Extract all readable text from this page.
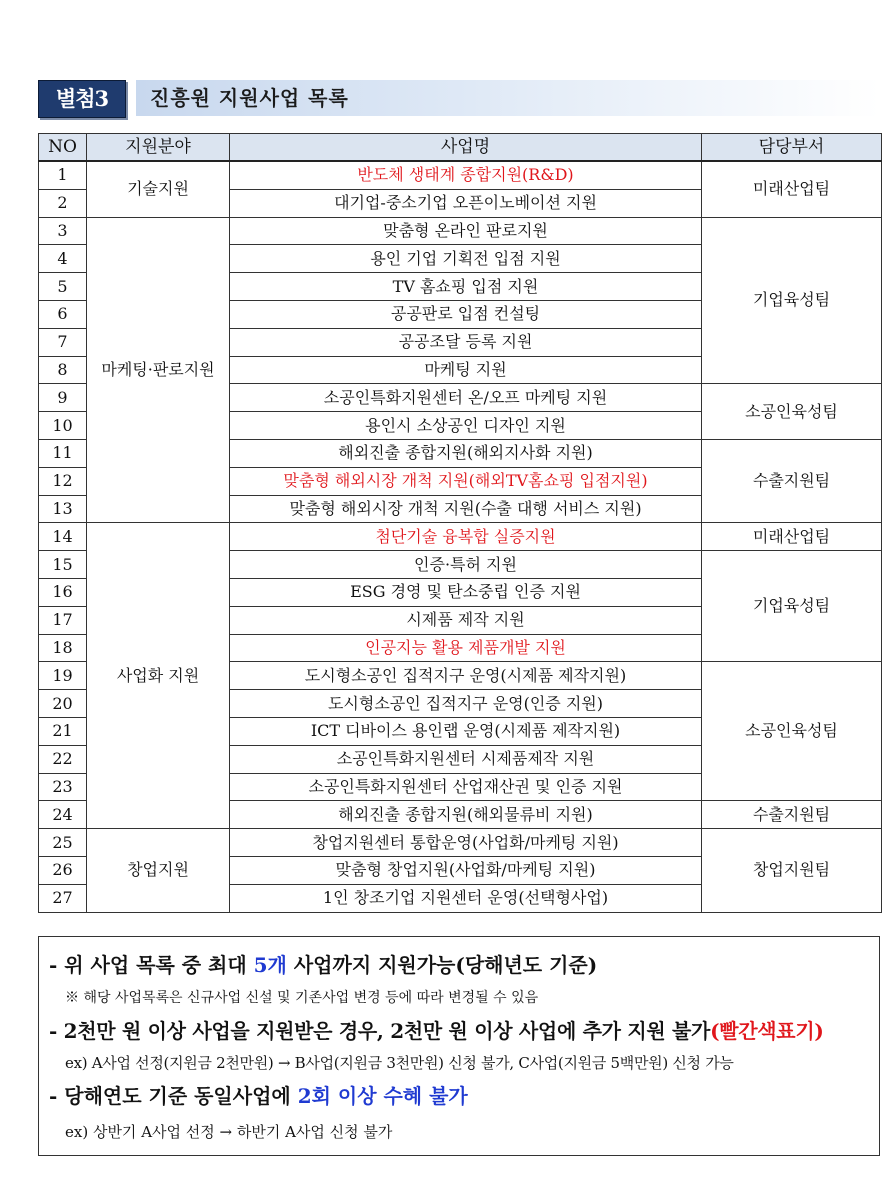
별첨3	진흥원 지원사업 목록
NO	지원분야	사업명	담당부서
1	기술지원	반도체 생태계 종합지원(R&D)	미래산업팀
2		대기업-중소기업 오픈이노베이션 지원	
3	마케팅·판로지원	맞춤형 온라인 판로지원	기업육성팀
4		용인 기업 기획전 입점 지원	
5		TV 홈쇼핑 입점 지원	
6		공공판로 입점 컨설팅	
7		공공조달 등록 지원	
8		마케팅 지원	
9		소공인특화지원센터 온/오프 마케팅 지원	소공인육성팀
10		용인시 소상공인 디자인 지원	
11		해외진출 종합지원(해외지사화 지원)	수출지원팀
12		맞춤형 해외시장 개척 지원(해외TV홈쇼핑 입점지원)	
13		맞춤형 해외시장 개척 지원(수출 대행 서비스 지원)	
14	사업화 지원	첨단기술 융복합 실증지원	미래산업팀
15		인증·특허 지원	기업육성팀
16		ESG 경영 및 탄소중립 인증 지원	
17		시제품 제작 지원	
18		인공지능 활용 제품개발 지원	
19		도시형소공인 집적지구 운영(시제품 제작지원)	소공인육성팀
20		도시형소공인 집적지구 운영(인증 지원)	
21		ICT 디바이스 용인랩 운영(시제품 제작지원)	
22		소공인특화지원센터 시제품제작 지원	
23		소공인특화지원센터 산업재산권 및 인증 지원	
24		해외진출 종합지원(해외물류비 지원)	수출지원팀
25	창업지원	창업지원센터 통합운영(사업화/마케팅 지원)	창업지원팀
26		맞춤형 창업지원(사업화/마케팅 지원)	
27		1인 창조기업 지원센터 운영(선택형사업)	
- 위 사업 목록 중 최대 5개 사업까지 지원가능(당해년도 기준)
※ 해당 사업목록은 신규사업 신설 및 기존사업 변경 등에 따라 변경될 수 있음
- 2천만 원 이상 사업을 지원받은 경우, 2천만 원 이상 사업에 추가 지원 불가(빨간색표기)
ex) A사업 선정(지원금 2천만원) → B사업(지원금 3천만원) 신청 불가, C사업(지원금 5백만원) 신청 가능
- 당해연도 기준 동일사업에 2회 이상 수혜 불가
ex) 상반기 A사업 선정 → 하반기 A사업 신청 불가
